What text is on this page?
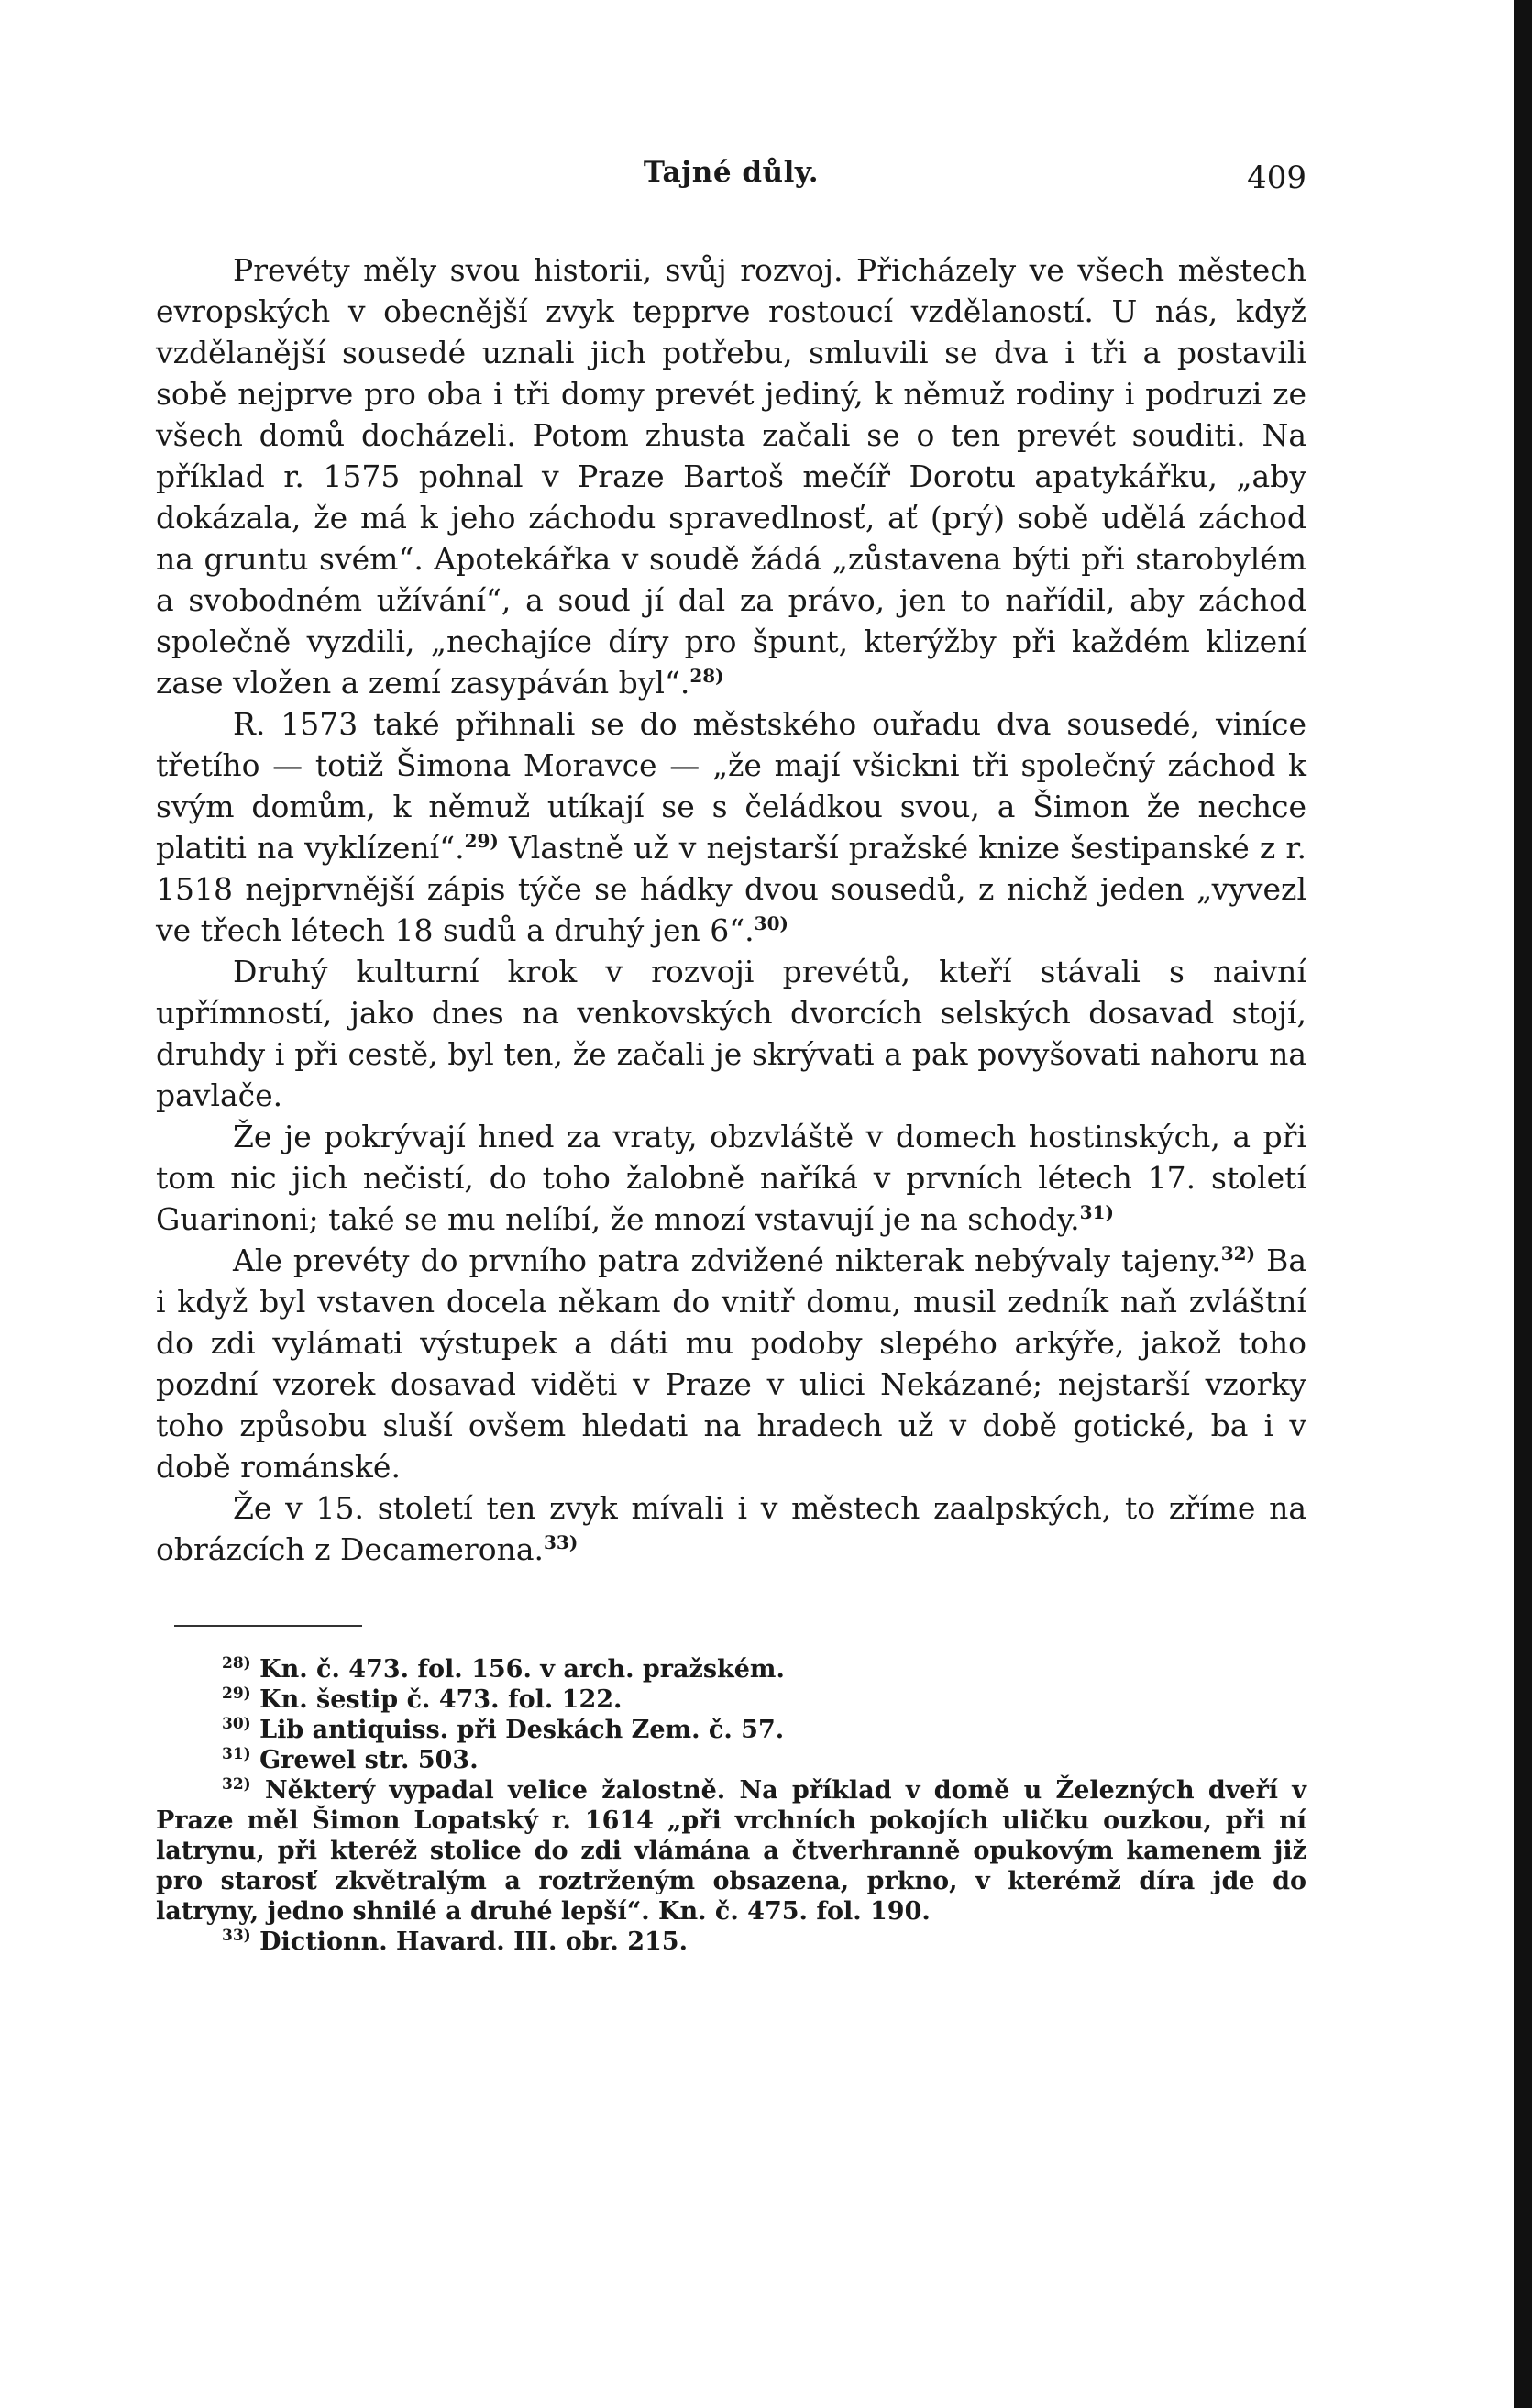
Tajné důly.	409

Prevéty měly svou historii, svůj rozvoj. Přicházely ve všech městech evropských v obecnější zvyk tepprve rostoucí vzdělaností. U nás, když vzdělanější sousedé uznali jich potřebu, smluvili se dva i tři a postavili sobě nejprve pro oba i tři domy prevét jediný, k němuž rodiny i podruzi ze všech domů docházeli. Potom zhusta začali se o ten prevét souditi. Na příklad r. 1575 pohnal v Praze Bartoš mečíř Dorotu apatykářku, „aby dokázala, že má k jeho záchodu spravedlnosť, ať (prý) sobě udělá záchod na gruntu svém“. Apotekářka v soudě žádá „zůstavena býti při starobylém a svobodném užívání“, a soud jí dal za právo, jen to nařídil, aby záchod společně vyzdili, „nechajíce díry pro špunt, kterýžby při každém klizení zase vložen a zemí zasypáván byl“.$^{28)}$

R. 1573 také přihnali se do městského ouřadu dva sousedé, viníce třetího — totiž Šimona Moravce — „že mají všickni tři společný záchod k svým domům, k němuž utíkají se s čeládkou svou, a Šimon že nechce platiti na vyklízení“.$^{29)}$ Vlastně už v nejstarší pražské knize šestipanské z r. 1518 nejprvnější zápis týče se hádky dvou sousedů, z nichž jeden „vyvezl ve třech létech 18 sudů a druhý jen 6“.$^{30)}$

Druhý kulturní krok v rozvoji prevétů, kteří stávali s naivní upřímností, jako dnes na venkovských dvorcích selských dosavad stojí, druhdy i při cestě, byl ten, že začali je skrývati a pak povyšovati nahoru na pavlače.

Že je pokrývají hned za vraty, obzvláště v domech hostinských, a při tom nic jich nečistí, do toho žalobně naříká v prvních létech 17. století Guarinoni; také se mu nelíbí, že mnozí vstavují je na schody.$^{31)}$

Ale prevéty do prvního patra zdvižené nikterak nebývaly tajeny.$^{32)}$ Ba i když byl vstaven docela někam do vnitř domu, musil zedník naň zvláštní do zdi vylámati výstupek a dáti mu podoby slepého arkýře, jakož toho pozdní vzorek dosavad viděti v Praze v ulici Nekázané; nejstarší vzorky toho způsobu sluší ovšem hledati na hradech už v době gotické, ba i v době románské.

Že v 15. století ten zvyk mívali i v městech zaalpských, to zříme na obrázcích z Decamerona.$^{33)}$

$^{28)}$ Kn. č. 473. fol. 156. v arch. pražském.

$^{29)}$ Kn. šestip č. 473. fol. 122.

$^{30)}$ Lib antiquiss. při Deskách Zem. č. 57.

$^{31)}$ Grewel str. 503.

$^{32)}$ Některý vypadal velice žalostně. Na příklad v domě u Železných dveří v Praze měl Šimon Lopatský r. 1614 „při vrchních pokojích uličku ouzkou, při ní latrynu, při kteréž stolice do zdi vlámána a čtverhranně opukovým kamenem již pro starosť zkvětralým a roztrženým obsazena, prkno, v kterémž díra jde do latryny, jedno shnilé a druhé lepší“. Kn. č. 475. fol. 190.

$^{33)}$ Dictionn. Havard. III. obr. 215.
